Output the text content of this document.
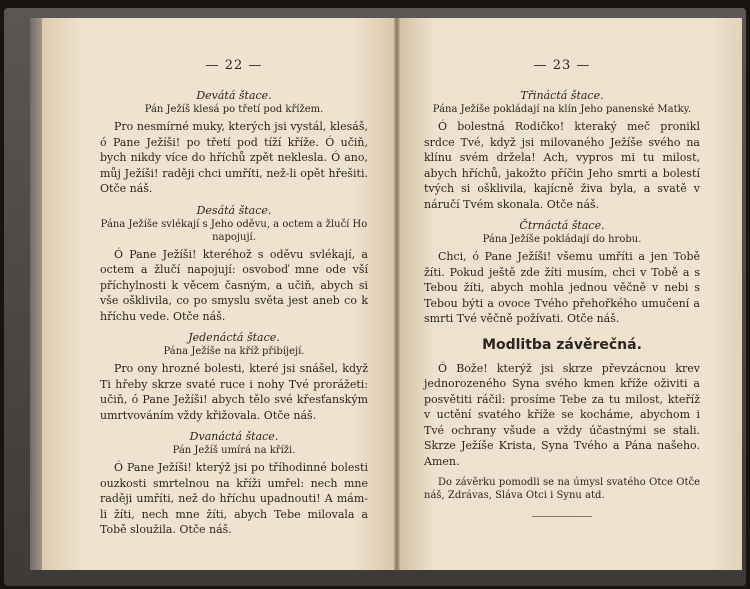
— 22 —
Devátá štace.
Pán Ježíš klesá po třetí pod křížem.
Pro nesmírné muky, kterých jsi vystál, klesáš, ó Pane Ježíši! po třetí pod tíží kříže. Ó učiň, bych nikdy více do hříchů zpět neklesla. Ó ano, můj Ježíši! raději chci umříti, než-li opět hřešiti. Otče náš.
Desátá štace.
Pána Ježíše svlékají s Jeho oděvu, a octem a žlučí Ho napojují.
Ó Pane Ježíši! kteréhož s oděvu svlékají, a octem a žlučí napojují: osvoboď mne ode vší příchylnosti k věcem časným, a učiň, abych si vše ošklivila, co po smyslu světa jest aneb co k hříchu vede. Otče náš.
Jedenáctá štace.
Pána Ježíše na kříž přibíjejí.
Pro ony hrozné bolesti, které jsi snášel, když Ti hřeby skrze svaté ruce i nohy Tvé prorážeti: učiň, ó Pane Ježíši! abych tělo své křesťanským umrtvováním vždy křižovala. Otče náš.
Dvanáctá štace.
Pán Ježíš umírá na kříži.
Ó Pane Ježíši! kterýž jsi po tříhodinné bolesti ouzkosti smrtelnou na kříži umřel: nech mne raději umříti, než do hříchu upadnouti! A mám-li žíti, nech mne žíti, abych Tebe milovala a Tobě sloužila. Otče náš.
— 23 —
Třináctá štace.
Pána Ježíše pokládají na klín Jeho panenské Matky.
Ó bolestná Rodičko! kteraký meč pronikl srdce Tvé, když jsi milovaného Ježíše svého na klínu svém držela! Ach, vypros mi tu milost, abych hříchů, jakožto příčin Jeho smrti a bolestí tvých si ošklivila, kajícně živa byla, a svatě v náručí Tvém skonala. Otče náš.
Čtrnáctá štace.
Pána Ježíše pokládají do hrobu.
Chci, ó Pane Ježíši! všemu umříti a jen Tobě žíti. Pokud ještě zde žíti musím, chci v Tobě a s Tebou žíti, abych mohla jednou věčně v nebi s Tebou býti a ovoce Tvého přehořkého umučení a smrti Tvé věčně požívati. Otče náš.
Modlitba závěrečná.
Ó Bože! kterýž jsi skrze převzácnou krev jednorozeného Syna svého kmen kříže oživiti a posvětiti ráčil: prosíme Tebe za tu milost, kteříž v uctění svatého kříže se kocháme, abychom i Tvé ochrany všude a vždy účastnými se stali. Skrze Ježíše Krista, Syna Tvého a Pána našeho. Amen.
Do závěrku pomodli se na úmysl svatého Otce Otče náš, Zdrávas, Sláva Otci i Synu atd.
